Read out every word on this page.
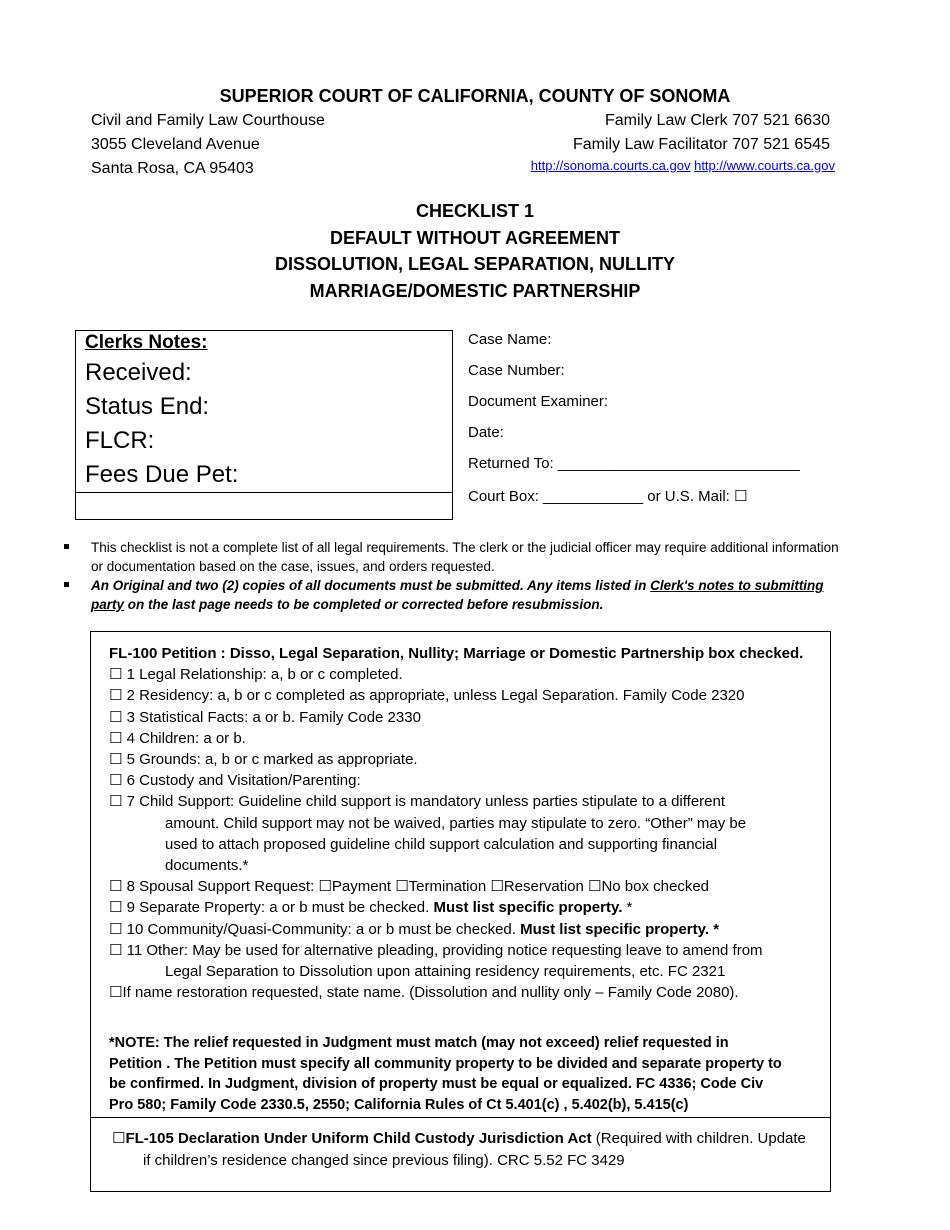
SUPERIOR COURT OF CALIFORNIA, COUNTY OF SONOMA
Civil and Family Law Courthouse
3055 Cleveland Avenue
Santa Rosa, CA 95403
Family Law Clerk 707 521 6630
Family Law Facilitator 707 521 6545
http://sonoma.courts.ca.gov http://www.courts.ca.gov
CHECKLIST 1
DEFAULT WITHOUT AGREEMENT
DISSOLUTION, LEGAL SEPARATION, NULLITY
MARRIAGE/DOMESTIC PARTNERSHIP
Clerks Notes:
Received:
Status End:
FLCR:
Fees Due Pet:
Case Name:
Case Number:
Document Examiner:
Date:
Returned To: _____________________________
Court Box: ____________ or U.S. Mail: ☐
This checklist is not a complete list of all legal requirements. The clerk or the judicial officer may require additional information or documentation based on the case, issues, and orders requested.
An Original and two (2) copies of all documents must be submitted. Any items listed in Clerk's notes to submitting party on the last page needs to be completed or corrected before resubmission.
FL-100 Petition : Disso, Legal Separation, Nullity; Marriage or Domestic Partnership box checked.
☐ 1 Legal Relationship: a, b or c completed.
☐ 2 Residency: a, b or c completed as appropriate, unless Legal Separation. Family Code 2320
☐ 3 Statistical Facts: a or b. Family Code 2330
☐ 4 Children: a or b.
☐ 5 Grounds: a, b or c marked as appropriate.
☐ 6 Custody and Visitation/Parenting:
☐ 7 Child Support: Guideline child support is mandatory unless parties stipulate to a different
amount. Child support may not be waived, parties may stipulate to zero. “Other” may be
used to attach proposed guideline child support calculation and supporting financial
documents.*
☐ 8 Spousal Support Request: ☐Payment ☐Termination ☐Reservation ☐No box checked
☐ 9 Separate Property: a or b must be checked. Must list specific property. *
☐ 10 Community/Quasi-Community: a or b must be checked. Must list specific property. *
☐ 11 Other: May be used for alternative pleading, providing notice requesting leave to amend from
Legal Separation to Dissolution upon attaining residency requirements, etc. FC 2321
☐If name restoration requested, state name. (Dissolution and nullity only – Family Code 2080).
*NOTE: The relief requested in Judgment must match (may not exceed) relief requested in
Petition . The Petition must specify all community property to be divided and separate property to
be confirmed. In Judgment, division of property must be equal or equalized. FC 4336; Code Civ
Pro 580; Family Code 2330.5, 2550; California Rules of Ct 5.401(c) , 5.402(b), 5.415(c)
☐FL-105 Declaration Under Uniform Child Custody Jurisdiction Act (Required with children. Update
if children’s residence changed since previous filing). CRC 5.52 FC 3429
